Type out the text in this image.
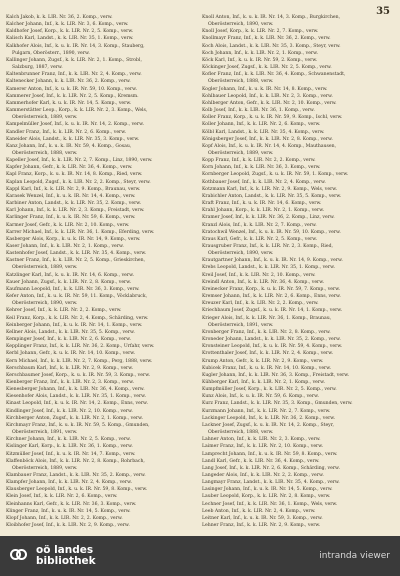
35
Kalch Jakob, k. k. LIR. Nr. 36, 2. Komp., verw.
Kalcher Johann, Inf., k. k. LIR. Nr. 3, 6. Komp., verw.
Kaldhofer Josef, Korp., k. k. LIR. Nr. 2, 5. Komp., verw.
Kalisch Karl, Landst., k. k. LIR. Nr. 35, 1. Komp., verw.
Kalkhofer Alois, Inf., k. u. k. IR. Nr. 14, 3. Komp., Stauberg,
Pulgarn, Oberösterr., 1890, verw.
Kallinger Johann, Zugsf., k. k. LIR. Nr. 2, 1. Komp., Strobl,
Salzburg, 1887, verw.
Kaltenbrunner Franz, Inf., k. k. LIR. Nr. 2, 4. Komp., verw.
Kaltenecker Johann, k. k. LIR. Nr. 36, 2. Komp., verw.
Kamerer Anton, Inf., k. u. k. IR. Nr. 59, 10. Komp., verw.
Kammerer Josef, Inf., k. k. LIR. Nr. 2, 5. Komp., Kremsm.
Kammerhofer Karl, k. u. k. IR. Nr. 14, 5. Komp., verw.
Kammerstätter Leop., Korp., k. k. LIR. Nr. 2, 3. Komp., Wels,
Oberösterreich, 1889, verw.
Kampelmüller Josef, Inf., k. u. k. IR. Nr. 14, 2. Komp., verw.
Kandler Franz, Inf., k. k. LIR. Nr. 2, 6. Komp., verw.
Kaneider Alois, Landst., k. k. LIR. Nr. 35, 3. Komp., verw.
Kanz Johann, Inf., k. u. k. IR. Nr. 59, 4. Komp., Gosau,
Oberösterreich, 1888, verw.
Kapeller Josef, Inf., k. k. LIR. Nr. 2, 7. Komp., Linz, 1890, verw.
Kapfer Johann, Gefr., k. k. LIR. Nr. 36, 4. Komp., verw.
Kapl Franz, Korp., k. u. k. IR. Nr. 14, 8. Komp., Ried, verw.
Kaplan Leopold, Zugsf., k. k. LIR. Nr. 2, 2. Komp., Steyr, verw.
Kappl Karl, Inf., k. k. LIR. Nr. 2, 9. Komp., Braunau, verw.
Karasek Wenzel, Inf., k. u. k. IR. Nr. 14, 4. Komp., verw.
Karbiner Anton, Landst., k. k. LIR. Nr. 35, 2. Komp., verw.
Karl Johann, Inf., k. k. LIR. Nr. 2, 3. Komp., Freistadt, verw.
Karlinger Franz, Inf., k. u. k. IR. Nr. 59, 6. Komp., verw.
Karmer Josef, Gefr., k. k. LIR. Nr. 2, 10. Komp., verw.
Karrer Michael, Inf., k. k. LIR. Nr. 36, 1. Komp., Eferding, verw.
Kasberger Alois, Korp., k. u. k. IR. Nr. 14, 9. Komp., verw.
Kaser Johann, Inf., k. k. LIR. Nr. 2, 1. Komp., verw.
Kastenhofer Josef, Landst., k. k. LIR. Nr. 35, 4. Komp., verw.
Kastner Franz, Inf., k. k. LIR. Nr. 2, 5. Komp., Grieskirchen,
Oberösterreich, 1889, verw.
Katzlinger Karl, Inf., k. u. k. IR. Nr. 14, 6. Komp., verw.
Kauer Johann, Zugsf., k. k. LIR. Nr. 2, 8. Komp., verw.
Kaufmann Leopold, Inf., k. k. LIR. Nr. 36, 3. Komp., verw.
Kefer Anton, Inf., k. u. k. IR. Nr. 59, 11. Komp., Vöcklabruck,
Oberösterreich, 1890, verw.
Kehrer Josef, Inf., k. k. LIR. Nr. 2, 2. Komp., verw.
Keil Franz, Korp., k. k. LIR. Nr. 2, 4. Komp., Schärding, verw.
Keinberger Johann, Inf., k. u. k. IR. Nr. 14, 1. Komp., verw.
Kellner Alois, Landst., k. k. LIR. Nr. 35, 5. Komp., verw.
Kempinger Josef, Inf., k. k. LIR. Nr. 2, 6. Komp., verw.
Kepplinger Franz, Inf., k. k. LIR. Nr. 36, 2. Komp., Urfahr, verw.
Kerbl Johann, Gefr., k. u. k. IR. Nr. 14, 10. Komp., verw.
Kern Michael, Inf., k. k. LIR. Nr. 2, 7. Komp., Perg, 1888, verw.
Kerschbaum Karl, Inf., k. k. LIR. Nr. 2, 9. Komp., verw.
Kerschbaumer Josef, Korp., k. u. k. IR. Nr. 59, 3. Komp., verw.
Kienberger Franz, Inf., k. k. LIR. Nr. 2, 3. Komp., verw.
Kienesberger Johann, Inf., k. k. LIR. Nr. 36, 4. Komp., verw.
Kiesenhofer Alois, Landst., k. k. LIR. Nr. 35, 1. Komp., verw.
Kinast Leopold, Inf., k. u. k. IR. Nr. 14, 2. Komp., Enns, verw.
Kindlinger Josef, Inf., k. k. LIR. Nr. 2, 10. Komp., verw.
Kirchberger Anton, Zugsf., k. k. LIR. Nr. 2, 1. Komp., verw.
Kirchmayr Franz, Inf., k. u. k. IR. Nr. 59, 5. Komp., Gmunden,
Oberösterreich, 1891, verw.
Kirchner Johann, Inf., k. k. LIR. Nr. 2, 5. Komp., verw.
Kislinger Karl, Korp., k. k. LIR. Nr. 36, 1. Komp., verw.
Kitzmüller Josef, Inf., k. u. k. IR. Nr. 14, 7. Komp., verw.
Klaffenböck Alois, Inf., k. k. LIR. Nr. 2, 8. Komp., Rohrbach,
Oberösterreich, 1889, verw.
Klambauer Franz, Landst., k. k. LIR. Nr. 35, 2. Komp., verw.
Klampfer Johann, Inf., k. k. LIR. Nr. 2, 4. Komp., verw.
Klausberger Leopold, Inf., k. u. k. IR. Nr. 59, 8. Komp., verw.
Klein Josef, Inf., k. k. LIR. Nr. 2, 6. Komp., verw.
Kleinhanns Karl, Gefr., k. k. LIR. Nr. 36, 3. Komp., verw.
Klinger Franz, Inf., k. u. k. IR. Nr. 14, 5. Komp., verw.
Klopf Johann, Inf., k. k. LIR. Nr. 2, 2. Komp., verw.
Kloibhofer Josef, Inf., k. k. LIR. Nr. 2, 9. Komp., verw.
Knoll Anton, Inf., k. u. k. IR. Nr. 14, 3. Komp., Burgkirchen,
Oberösterreich, 1890, verw.
Knoll Josef, Korp., k. k. LIR. Nr. 2, 7. Komp., verw.
Knollmayr Franz, Inf., k. k. LIR. Nr. 36, 2. Komp., verw.
Koch Alois, Landst., k. k. LIR. Nr. 35, 3. Komp., Steyr, verw.
Koch Johann, Inf., k. k. LIR. Nr. 2, 1. Komp., verw.
Köck Karl, Inf., k. u. k. IR. Nr. 59, 2. Komp., verw.
Köckinger Josef, Zugsf., k. k. LIR. Nr. 2, 5. Komp., verw.
Kofler Franz, Inf., k. k. LIR. Nr. 36, 4. Komp., Schwanenstadt,
Oberösterreich, 1888, verw.
Kogler Johann, Inf., k. u. k. IR. Nr. 14, 8. Komp., verw.
Kohlbauer Leopold, Inf., k. k. LIR. Nr. 2, 3. Komp., verw.
Kohlberger Anton, Gefr., k. k. LIR. Nr. 2, 10. Komp., verw.
Kolb Josef, Inf., k. k. LIR. Nr. 36, 1. Komp., verw.
Koller Franz, Korp., k. u. k. IR. Nr. 59, 9. Komp., Ischl, verw.
Koller Johann, Inf., k. k. LIR. Nr. 2, 6. Komp., verw.
Kölbl Karl, Landst., k. k. LIR. Nr. 35, 4. Komp., verw.
Königsberger Josef, Inf., k. k. LIR. Nr. 2, 8. Komp., verw.
Kopf Alois, Inf., k. u. k. IR. Nr. 14, 4. Komp., Mauthausen,
Oberösterreich, 1889, verw.
Kopp Franz, Inf., k. k. LIR. Nr. 2, 2. Komp., verw.
Korn Johann, Inf., k. k. LIR. Nr. 36, 3. Komp., verw.
Kornberger Leopold, Zugsf., k. u. k. IR. Nr. 59, 1. Komp., verw.
Kothbauer Josef, Inf., k. k. LIR. Nr. 2, 4. Komp., verw.
Kotzmann Karl, Inf., k. k. LIR. Nr. 2, 9. Komp., Wels, verw.
Krabichler Anton, Landst., k. k. LIR. Nr. 35, 5. Komp., verw.
Kraft Franz, Inf., k. u. k. IR. Nr. 14, 6. Komp., verw.
Krahl Johann, Korp., k. k. LIR. Nr. 2, 1. Komp., verw.
Kramer Josef, Inf., k. k. LIR. Nr. 36, 2. Komp., Linz, verw.
Kranzl Alois, Inf., k. k. LIR. Nr. 2, 7. Komp., verw.
Kratochwil Wenzel, Inf., k. u. k. IR. Nr. 59, 10. Komp., verw.
Kraus Karl, Gefr., k. k. LIR. Nr. 2, 5. Komp., verw.
Krausgruber Franz, Inf., k. k. LIR. Nr. 2, 3. Komp., Ried,
Oberösterreich, 1890, verw.
Krautgartner Johann, Inf., k. u. k. IR. Nr. 14, 9. Komp., verw.
Krebs Leopold, Landst., k. k. LIR. Nr. 35, 1. Komp., verw.
Kreil Josef, Inf., k. k. LIR. Nr. 2, 10. Komp., verw.
Kreindl Anton, Inf., k. k. LIR. Nr. 36, 4. Komp., verw.
Kreinecker Franz, Korp., k. u. k. IR. Nr. 59, 7. Komp., verw.
Kremser Johann, Inf., k. k. LIR. Nr. 2, 6. Komp., Enns, verw.
Kreuzer Karl, Inf., k. k. LIR. Nr. 2, 2. Komp., verw.
Kriechbaum Josef, Zugsf., k. u. k. IR. Nr. 14, 1. Komp., verw.
Krieger Alois, Inf., k. k. LIR. Nr. 36, 1. Komp., Braunau,
Oberösterreich, 1891, verw.
Kronberger Franz, Inf., k. k. LIR. Nr. 2, 8. Komp., verw.
Kroneder Johann, Landst., k. k. LIR. Nr. 35, 2. Komp., verw.
Kronsteiner Leopold, Inf., k. u. k. IR. Nr. 59, 4. Komp., verw.
Krottenthaler Josef, Inf., k. k. LIR. Nr. 2, 4. Komp., verw.
Krump Anton, Gefr., k. k. LIR. Nr. 2, 9. Komp., verw.
Kubicek Franz, Inf., k. u. k. IR. Nr. 14, 10. Komp., verw.
Kugler Johann, Inf., k. k. LIR. Nr. 36, 3. Komp., Freistadt, verw.
Kühberger Karl, Inf., k. k. LIR. Nr. 2, 1. Komp., verw.
Kumpfmüller Josef, Korp., k. k. LIR. Nr. 2, 5. Komp., verw.
Kunz Alois, Inf., k. u. k. IR. Nr. 59, 6. Komp., verw.
Kurz Franz, Landst., k. k. LIR. Nr. 35, 3. Komp., Gmunden, verw.
Kurzmann Johann, Inf., k. k. LIR. Nr. 2, 7. Komp., verw.
Lackinger Leopold, Inf., k. k. LIR. Nr. 36, 2. Komp., verw.
Lackner Josef, Zugsf., k. u. k. IR. Nr. 14, 2. Komp., Steyr,
Oberösterreich, 1888, verw.
Lahner Anton, Inf., k. k. LIR. Nr. 2, 3. Komp., verw.
Laimer Franz, Inf., k. k. LIR. Nr. 2, 10. Komp., verw.
Lamprecht Johann, Inf., k. u. k. IR. Nr. 59, 8. Komp., verw.
Landl Karl, Gefr., k. k. LIR. Nr. 36, 4. Komp., verw.
Lang Josef, Inf., k. k. LIR. Nr. 2, 6. Komp., Schärding, verw.
Langeder Alois, Inf., k. k. LIR. Nr. 2, 2. Komp., verw.
Langmayr Franz, Landst., k. k. LIR. Nr. 35, 4. Komp., verw.
Lasinger Johann, Inf., k. u. k. IR. Nr. 14, 5. Komp., verw.
Lauber Leopold, Korp., k. k. LIR. Nr. 2, 8. Komp., verw.
Lechner Josef, Inf., k. k. LIR. Nr. 36, 1. Komp., Wels, verw.
Leeb Anton, Inf., k. k. LIR. Nr. 2, 4. Komp., verw.
Leitner Karl, Inf., k. u. k. IR. Nr. 59, 3. Komp., verw.
Lehner Franz, Inf., k. k. LIR. Nr. 2, 9. Komp., verw.
oö landes
bibliothek	intranda viewer
